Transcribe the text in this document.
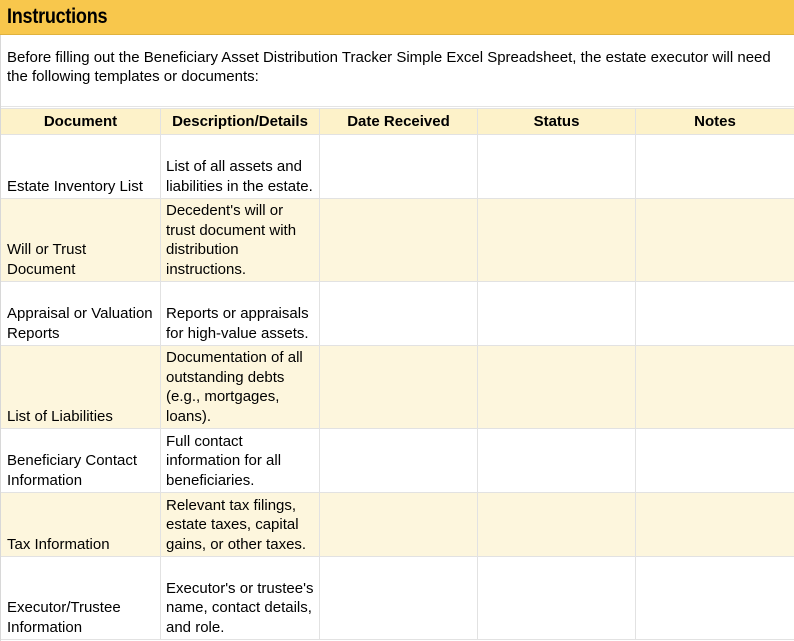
Instructions
Before filling out the Beneficiary Asset Distribution Tracker Simple Excel Spreadsheet, the estate executor will need the following templates or documents:
Document	Description/Details	Date Received	Status	Notes
Estate Inventory List	List of all assets and liabilities in the estate.			
Will or Trust Document	Decedent's will or trust document with distribution instructions.			
Appraisal or Valuation Reports	Reports or appraisals for high-value assets.			
List of Liabilities	Documentation of all outstanding debts (e.g., mortgages, loans).			
Beneficiary Contact Information	Full contact information for all beneficiaries.			
Tax Information	Relevant tax filings, estate taxes, capital gains, or other taxes.			
Executor/Trustee Information	Executor's or trustee's name, contact details, and role.			
